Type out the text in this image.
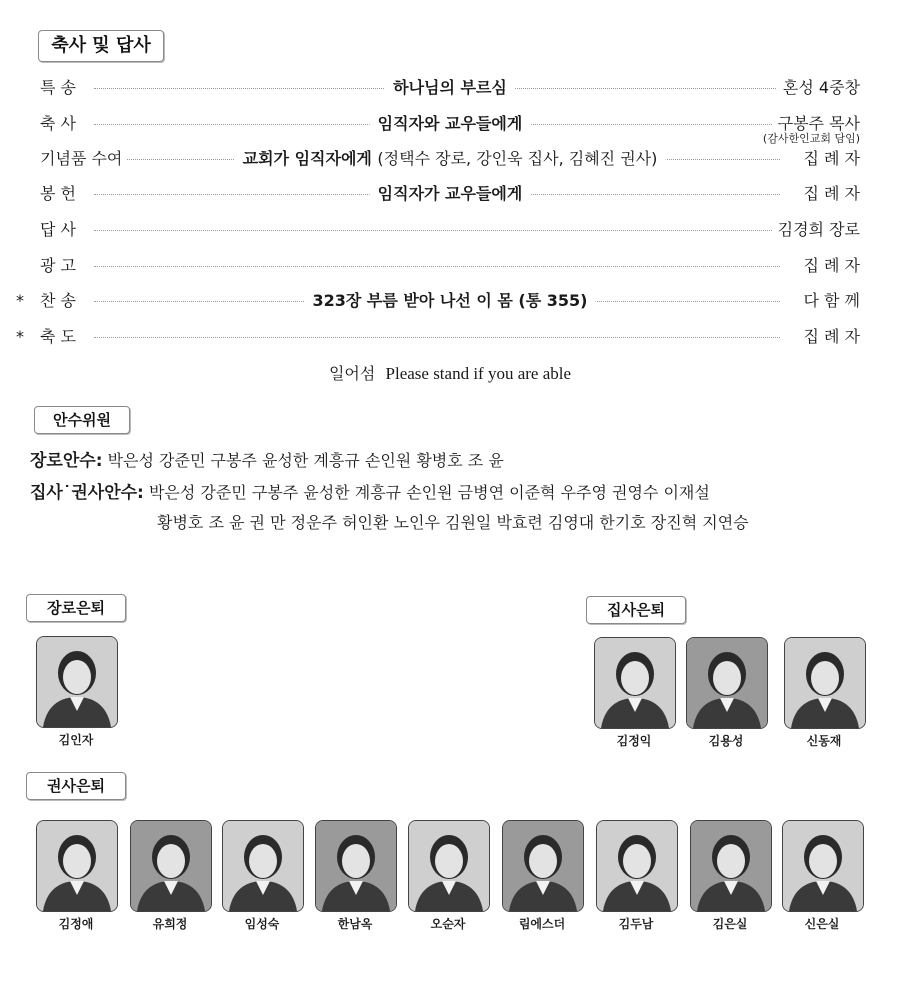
축사 및 답사
특 송	하나님의 부르심	혼성 4중창
축 사	임직자와 교우들에게	구봉주 목사
(감사한인교회 담임)
기념품 수여	교회가 임직자에게 (정택수 장로, 강인욱 집사, 김혜진 권사)	집 례 자
봉 헌	임직자가 교우들에게	집 례 자
답 사	김경희 장로
광 고	집 례 자
* 찬 송	323장 부름 받아 나선 이 몸 (통 355)	다 함 께
* 축 도	집 례 자
일어섬 Please stand if you are able
안수위원
장로안수: 박은성 강준민 구봉주 윤성한 계흥규 손인원 황병호 조 윤
집사˙권사안수: 박은성 강준민 구봉주 윤성한 계흥규 손인원 금병연 이준혁 우주영 권영수 이재설
황병호 조 윤 권 만 정운주 허인환 노인우 김원일 박효련 김영대 한기호 장진혁 지연승
장로은퇴	집사은퇴
권사은퇴
김인자	김정익	김용성	신동재
김정애	유희정	임성숙	한남옥	오순자	림에스더	김두남	김은실	신은실
